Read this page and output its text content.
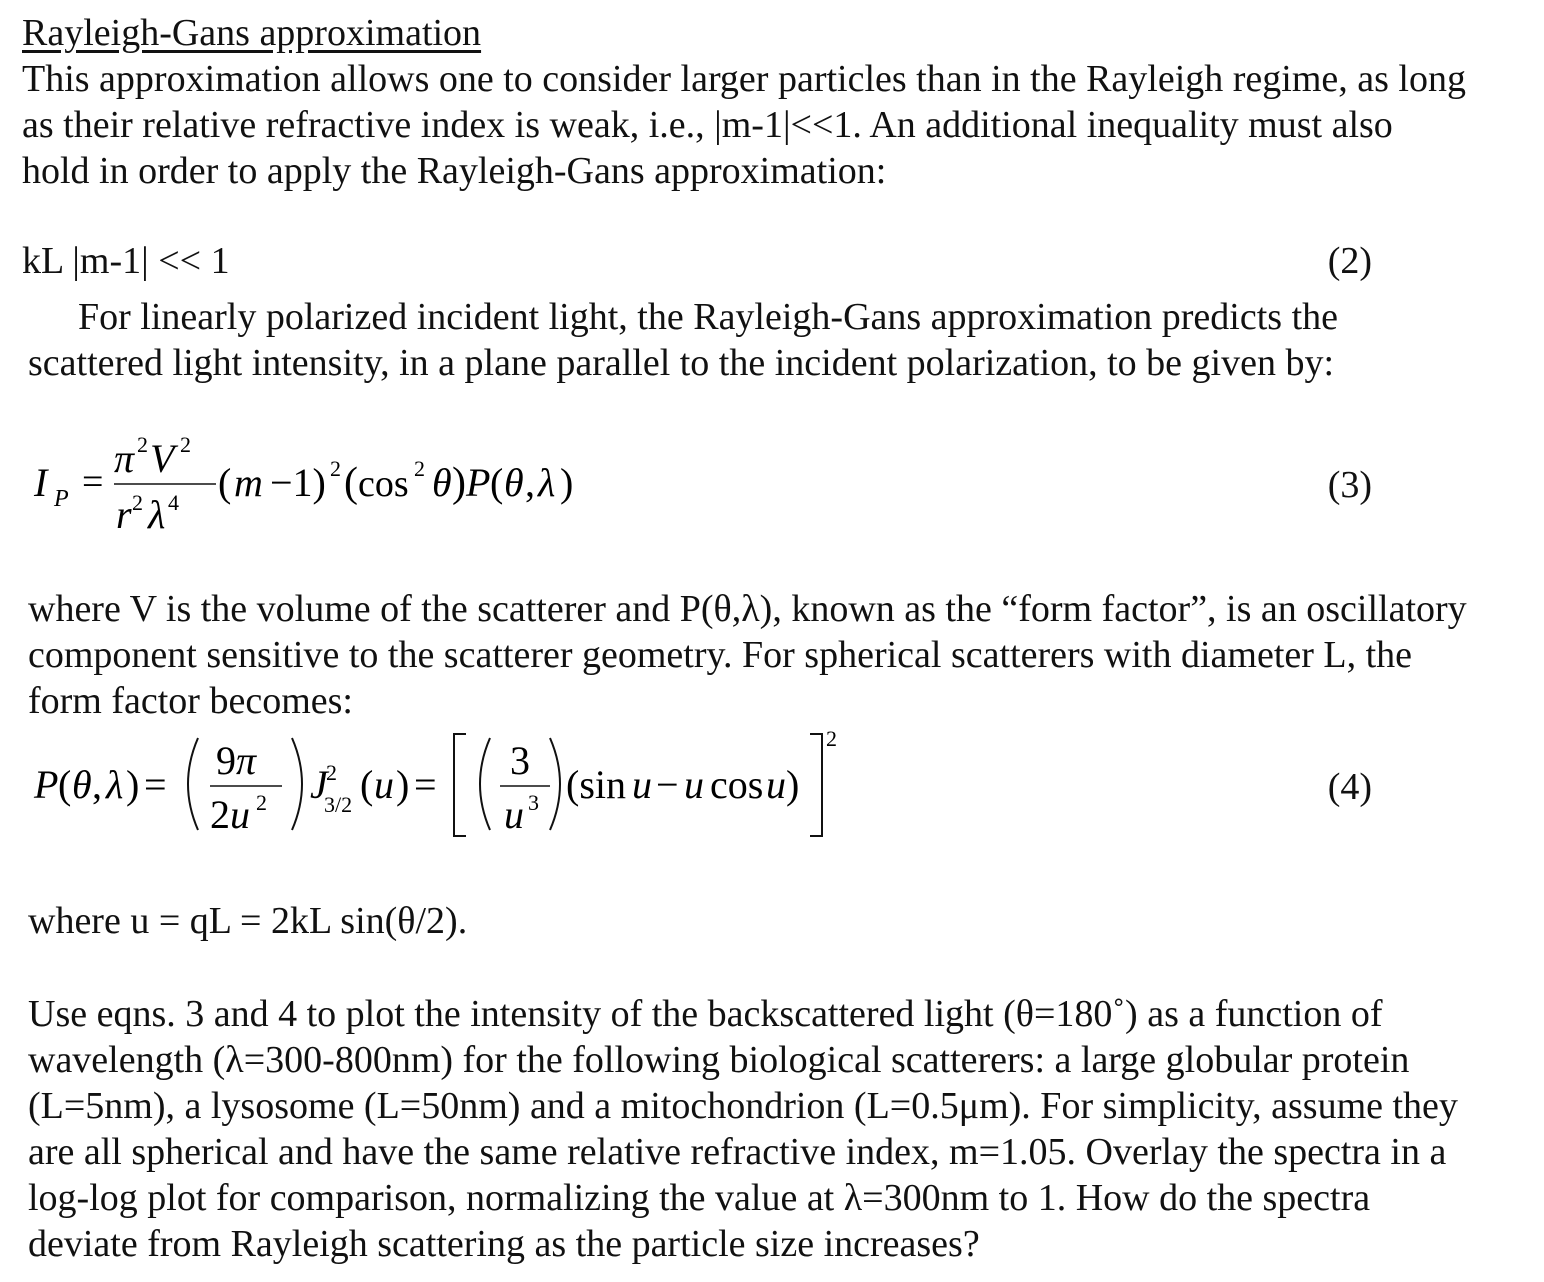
Rayleigh-Gans approximation
This approximation allows one to consider larger particles than in the Rayleigh regime, as long
as their relative refractive index is weak, i.e., |m-1|<<1. An additional inequality must also
hold in order to apply the Rayleigh-Gans approximation:
kL |m-1| << 1	(2)
For linearly polarized incident light, the Rayleigh-Gans approximation predicts the
scattered light intensity, in a plane parallel to the incident polarization, to be given by:
I P =
π 2 V 2
r 2 λ 4 ( m −1) 2 ( cos 2 θ ) P ( θ , λ )	(3)
where V is the volume of the scatterer and P(θ,λ), known as the “form factor”, is an oscillatory
component sensitive to the scatterer geometry. For spherical scatterers with diameter L, the
form factor becomes:
P ( θ , λ ) =
9 π
2 u 2 J
2
3/2 ( u ) =
3
u 3 (sin u − u cos u )
2
(4)
where u = qL = 2kL sin(θ/2).
Use eqns. 3 and 4 to plot the intensity of the backscattered light (θ=180˚) as a function of
wavelength (λ=300-800nm) for the following biological scatterers: a large globular protein
(L=5nm), a lysosome (L=50nm) and a mitochondrion (L=0.5μm). For simplicity, assume they
are all spherical and have the same relative refractive index, m=1.05. Overlay the spectra in a
log-log plot for comparison, normalizing the value at λ=300nm to 1. How do the spectra
deviate from Rayleigh scattering as the particle size increases?
